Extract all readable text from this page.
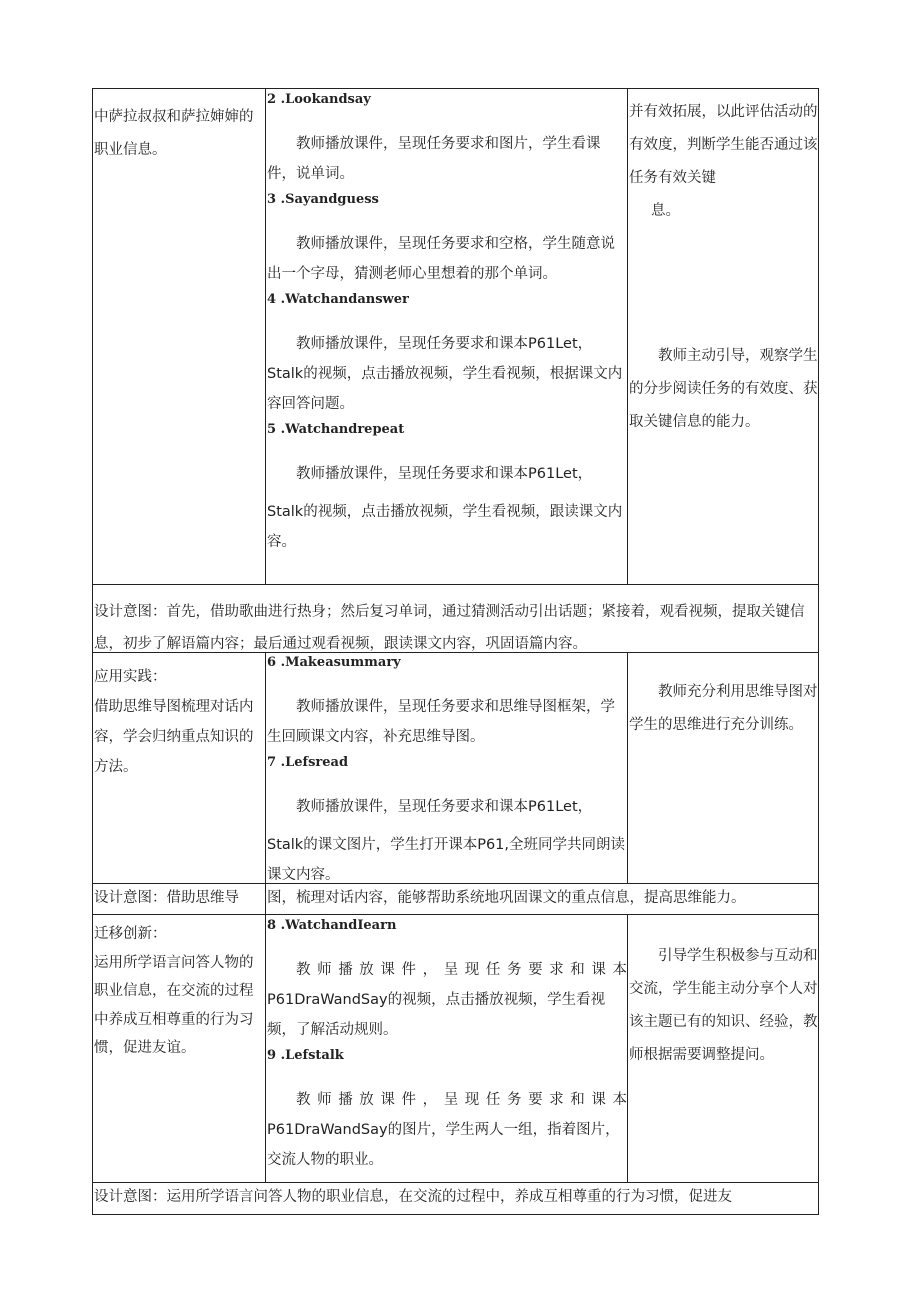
中萨拉叔叔和萨拉婶婶的职业信息。

2 .Lookandsay

教师播放课件，呈现任务要求和图片，学生看课件，说单词。

3 .Sayandguess

教师播放课件，呈现任务要求和空格，学生随意说出一个字母，猜测老师心里想着的那个单词。

4 .Watchandanswer

教师播放课件，呈现任务要求和课本P61Let，Stalk的视频，点击播放视频，学生看视频，根据课文内容回答问题。

5 .Watchandrepeat

教师播放课件，呈现任务要求和课本P61Let，

Stalk的视频，点击播放视频，学生看视频，跟读课文内容。

并有效拓展，以此评估活动的有效度，判断学生能否通过该任务有效关键

息。

教师主动引导，观察学生的分步阅读任务的有效度、获取关键信息的能力。

设计意图：首先，借助歌曲进行热身；然后复习单词，通过猜测活动引出话题；紧接着，观看视频，提取关键信息，初步了解语篇内容；最后通过观看视频，跟读课文内容，巩固语篇内容。

应用实践：

借助思维导图梳理对话内容，学会归纳重点知识的方法。

6 .Makeasummary

教师播放课件，呈现任务要求和思维导图框架，学生回顾课文内容，补充思维导图。

7 .Lefsread

教师播放课件，呈现任务要求和课本P61Let，

Stalk的课文图片，学生打开课本P61,全班同学共同朗读课文内容。

教师充分利用思维导图对学生的思维进行充分训练。

设计意图：借助思维导	图，梳理对话内容，能够帮助系统地巩固课文的重点信息，提高思维能力。

迁移创新：

运用所学语言问答人物的职业信息，在交流的过程中养成互相尊重的行为习惯，促进友谊。

8 .WatchandIearn

教师播放课件，呈现任务要求和课本

P61DraWandSay的视频，点击播放视频，学生看视频，了解活动规则。

9 .Lefstalk

教师播放课件，呈现任务要求和课本

P61DraWandSay的图片，学生两人一组，指着图片，交流人物的职业。

引导学生积极参与互动和交流，学生能主动分享个人对该主题已有的知识、经验，教师根据需要调整提问。

设计意图：运用所学语言问答人物的职业信息，在交流的过程中，养成互相尊重的行为习惯，促进友
